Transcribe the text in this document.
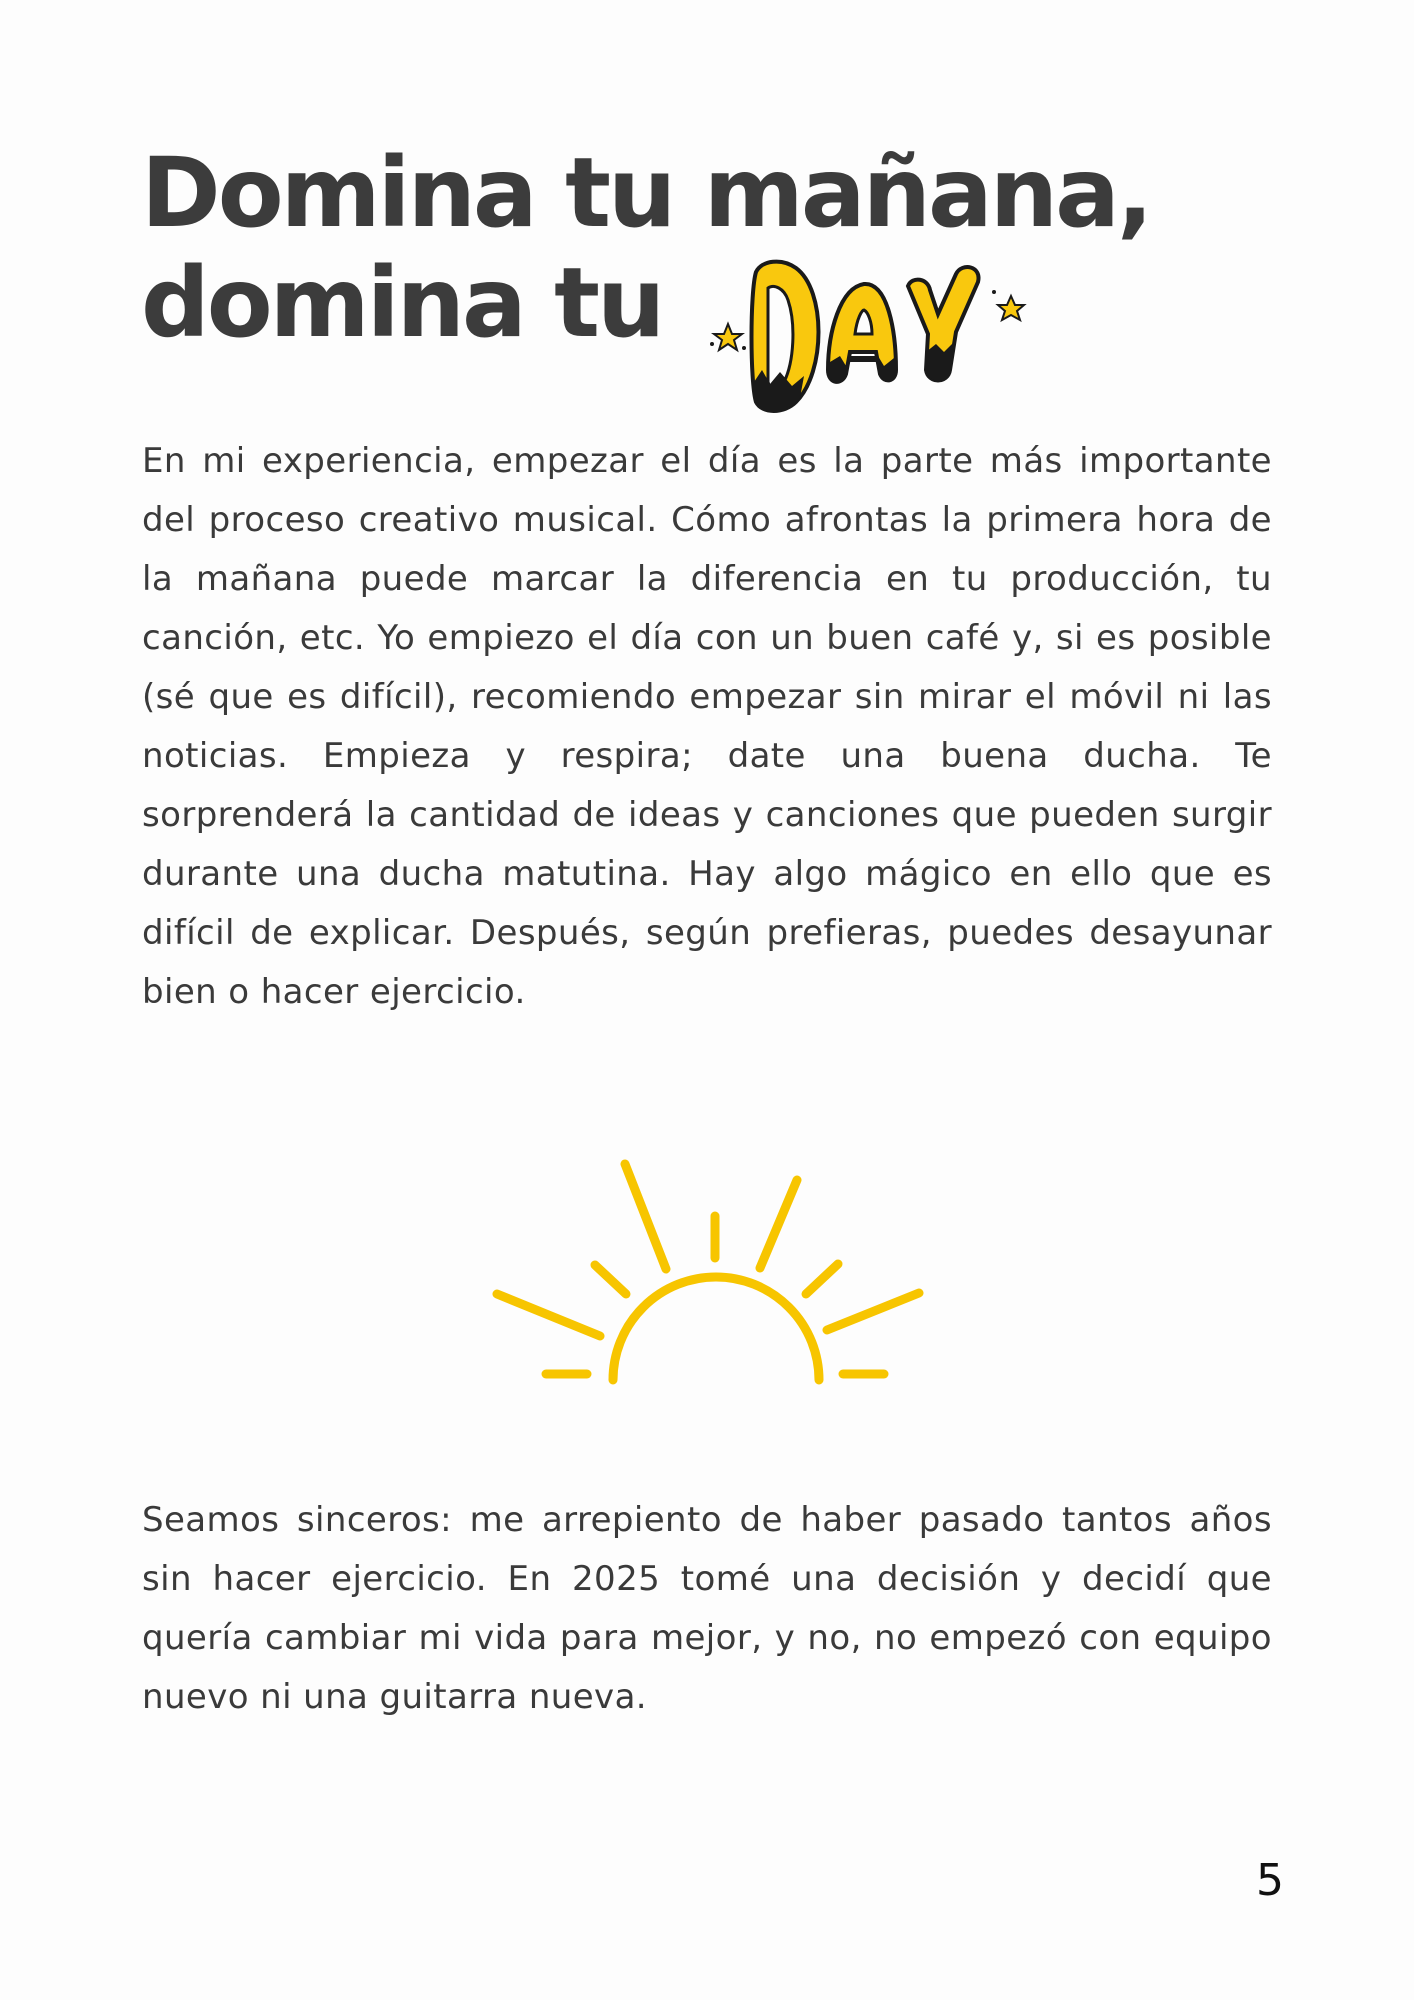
Domina tu mañana,
domina tu

En mi experiencia, empezar el día es la parte más importante del proceso creativo musical. Cómo afrontas la primera hora de la mañana puede marcar la diferencia en tu producción, tu canción, etc. Yo empiezo el día con un buen café y, si es posible (sé que es difícil), recomiendo empezar sin mirar el móvil ni las noticias. Empieza y respira; date una buena ducha. Te sorprenderá la cantidad de ideas y canciones que pueden surgir durante una ducha matutina. Hay algo mágico en ello que es difícil de explicar. Después, según prefieras, puedes desayunar bien o hacer ejercicio.

Seamos sinceros: me arrepiento de haber pasado tantos años sin hacer ejercicio. En 2025 tomé una decisión y decidí que quería cambiar mi vida para mejor, y no, no empezó con equipo nuevo ni una guitarra nueva.

5
